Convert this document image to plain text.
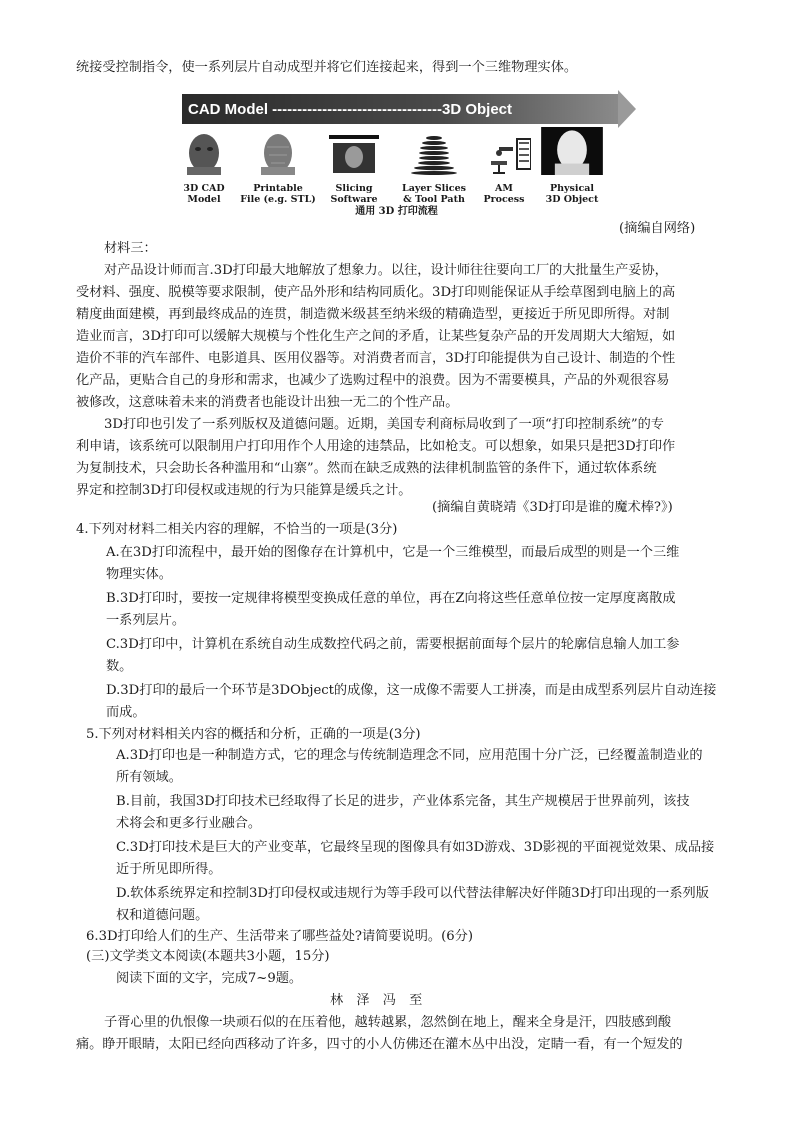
统接受控制指令，使一系列层片自动成型并将它们连接起来，得到一个三维物理实体。
CAD Model ----------------------------------3D Object
3D CAD
Model
Printable
File (e.g. STL)
Slicing
Software
Layer Slices
& Tool Path
AM
Process
Physical
3D Object
通用 3D 打印流程
(摘编自网络)
材料三：
对产品设计师而言.3D打印最大地解放了想象力。以往，设计师往往要向工厂的大批量生产妥协，
受材料、强度、脱模等要求限制，使产品外形和结构同质化。3D打印则能保证从手绘草图到电脑上的高
精度曲面建模，再到最终成品的连贯，制造微米级甚至纳米级的精确造型，更接近于所见即所得。对制
造业而言，3D打印可以缓解大规模与个性化生产之间的矛盾，让某些复杂产品的开发周期大大缩短，如
造价不菲的汽车部件、电影道具、医用仪器等。对消费者而言，3D打印能提供为自己设计、制造的个性
化产品，更贴合自己的身形和需求，也减少了选购过程中的浪费。因为不需要模具，产品的外观很容易
被修改，这意味着未来的消费者也能设计出独一无二的个性产品。
3D打印也引发了一系列版权及道德问题。近期，美国专利商标局收到了一项“打印控制系统”的专
利申请，该系统可以限制用户打印用作个人用途的违禁品，比如枪支。可以想象，如果只是把3D打印作
为复制技术，只会助长各种滥用和“山寨”。然而在缺乏成熟的法律机制监管的条件下，通过软体系统
界定和控制3D打印侵权或违规的行为只能算是缓兵之计。
(摘编自黄晓靖《3D打印是谁的魔术棒?》)
4.下列对材料二相关内容的理解，不恰当的一项是(3分)
A.在3D打印流程中，最开始的图像存在计算机中，它是一个三维模型，而最后成型的则是一个三维
物理实体。
B.3D打印时，要按一定规律将模型变换成任意的单位，再在Z向将这些任意单位按一定厚度离散成
一系列层片。
C.3D打印中，计算机在系统自动生成数控代码之前，需要根据前面每个层片的轮廓信息输人加工参
数。
D.3D打印的最后一个环节是3DObject的成像，这一成像不需要人工拼凑，而是由成型系列层片自动连接
而成。
5.下列对材料相关内容的概括和分析，正确的一项是(3分)
A.3D打印也是一种制造方式，它的理念与传统制造理念不同，应用范围十分广泛，已经覆盖制造业的
所有领域。
B.目前，我国3D打印技术已经取得了长足的进步，产业体系完备，其生产规模居于世界前列，该技
术将会和更多行业融合。
C.3D打印技术是巨大的产业变革，它最终呈现的图像具有如3D游戏、3D影视的平面视觉效果、成品接
近于所见即所得。
D.软体系统界定和控制3D打印侵权或违规行为等手段可以代替法律解决好伴随3D打印出现的一系列版
权和道德问题。
6.3D打印给人们的生产、生活带来了哪些益处?请简要说明。(6分)
(三)文学类文本阅读(本题共3小题，15分)
阅读下面的文字，完成7~9题。
林　泽　冯　至
子胥心里的仇恨像一块顽石似的在压着他，越转越累，忽然倒在地上，醒来全身是汗，四肢感到酸
痛。睁开眼睛，太阳已经向西移动了许多，四寸的小人仿佛还在灌木丛中出没，定睛一看，有一个短发的
